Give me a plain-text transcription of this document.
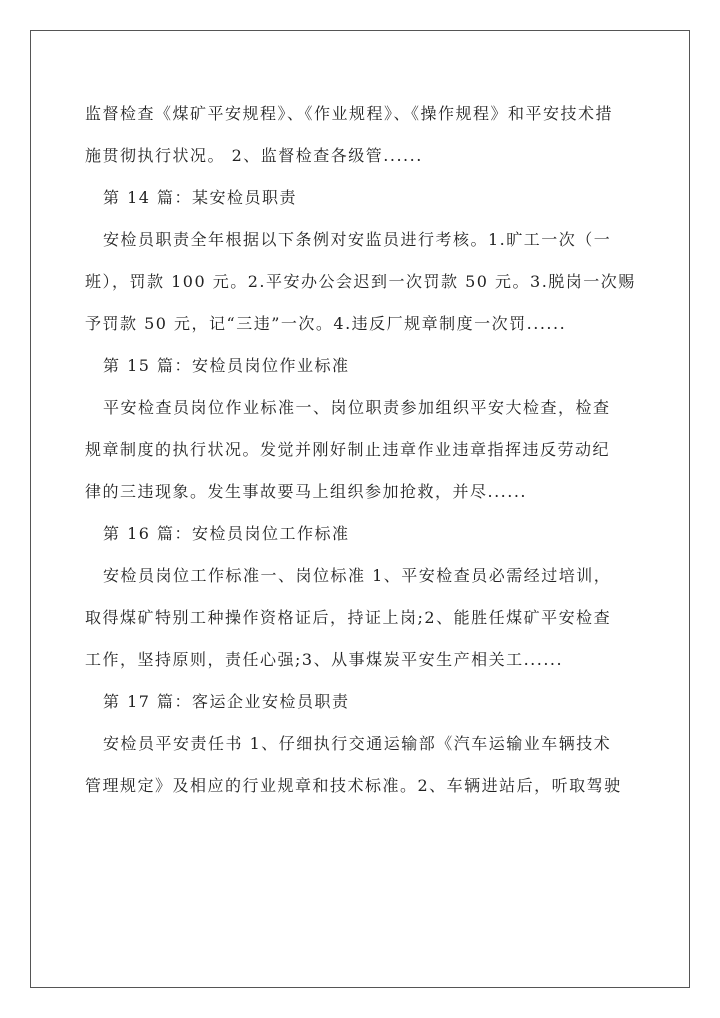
监督检查《煤矿平安规程》、《作业规程》、《操作规程》和平安技术措
施贯彻执行状况。 2、监督检查各级管......
第 14 篇：某安检员职责
安检员职责全年根据以下条例对安监员进行考核。1.旷工一次（一
班），罚款 100 元。2.平安办公会迟到一次罚款 50 元。3.脱岗一次赐
予罚款 50 元，记“三违”一次。4.违反厂规章制度一次罚......
第 15 篇：安检员岗位作业标准
平安检查员岗位作业标准一、岗位职责参加组织平安大检查，检查
规章制度的执行状况。发觉并刚好制止违章作业违章指挥违反劳动纪
律的三违现象。发生事故要马上组织参加抢救，并尽......
第 16 篇：安检员岗位工作标准
安检员岗位工作标准一、岗位标准 1、平安检查员必需经过培训，
取得煤矿特别工种操作资格证后，持证上岗;2、能胜任煤矿平安检查
工作，坚持原则，责任心强;3、从事煤炭平安生产相关工......
第 17 篇：客运企业安检员职责
安检员平安责任书 1、仔细执行交通运输部《汽车运输业车辆技术
管理规定》及相应的行业规章和技术标准。2、车辆进站后，听取驾驶
